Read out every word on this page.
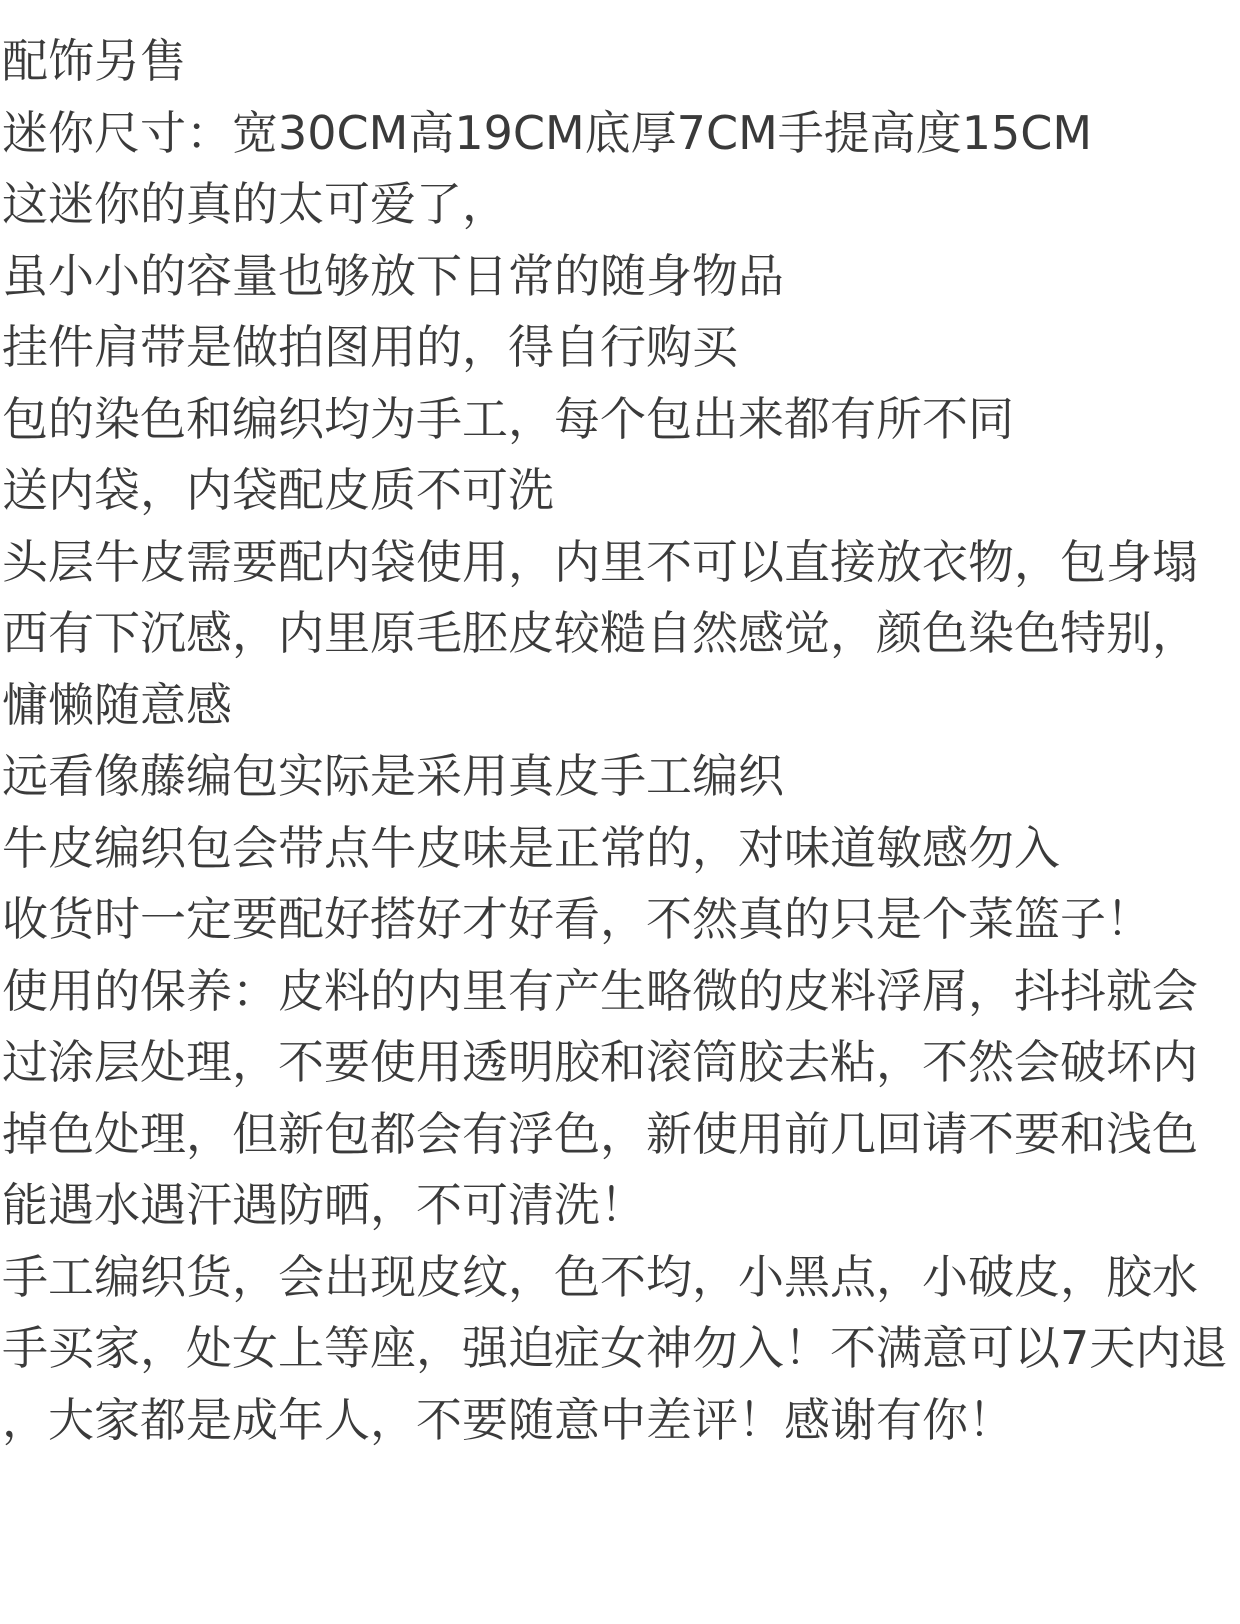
配饰另售
迷你尺寸：宽30CM高19CM底厚7CM手提高度15CM
这迷你的真的太可爱了，
虽小小的容量也够放下日常的随身物品
挂件肩带是做拍图用的，得自行购买
包的染色和编织均为手工，每个包出来都有所不同
送内袋，内袋配皮质不可洗
头层牛皮需要配内袋使用，内里不可以直接放衣物，包身塌
西有下沉感，内里原毛胚皮较糙自然感觉，颜色染色特别，
慵懒随意感
远看像藤编包实际是采用真皮手工编织
牛皮编织包会带点牛皮味是正常的，对味道敏感勿入
收货时一定要配好搭好才好看，不然真的只是个菜篮子！
使用的保养：皮料的内里有产生略微的皮料浮屑，抖抖就会
过涂层处理，不要使用透明胶和滚筒胶去粘，不然会破坏内
掉色处理，但新包都会有浮色，新使用前几回请不要和浅色
能遇水遇汗遇防晒，不可清洗！
手工编织货，会出现皮纹，色不均，小黑点，小破皮，胶水
手买家，处女上等座，强迫症女神勿入！不满意可以7天内退
，大家都是成年人，不要随意中差评！感谢有你！
